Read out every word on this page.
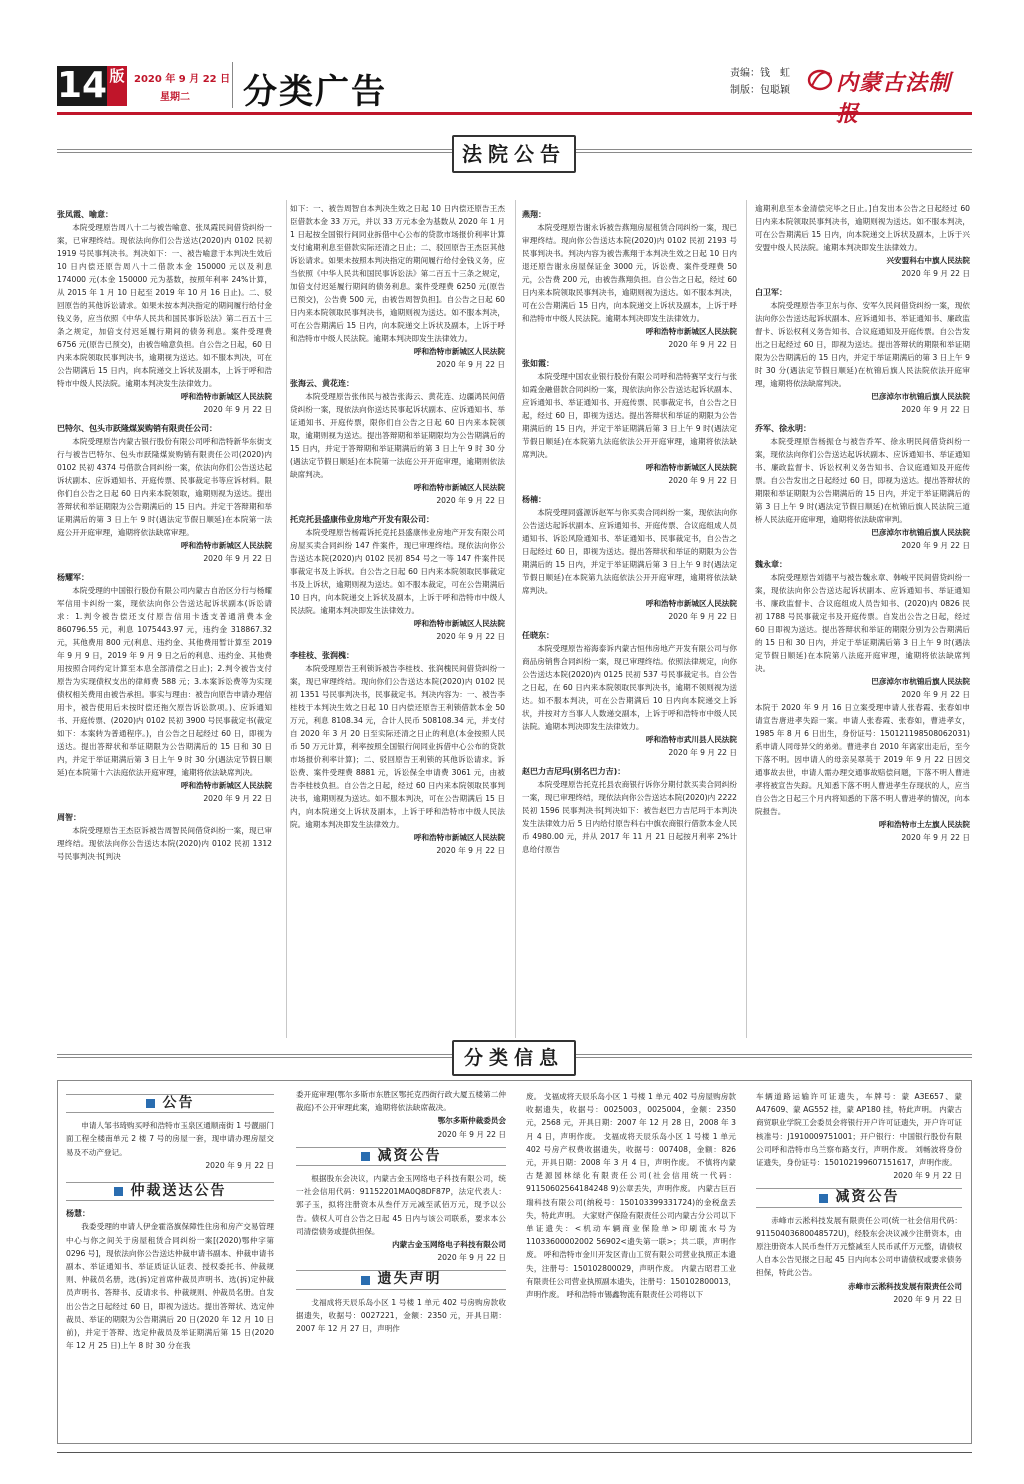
14 版 2020 年 9 月 22 日
星期二 分类广告	责编：钱　虹
制版：包聪颖 内蒙古法制报
法院公告
张凤霞、喻意：

本院受理原告周八十二与被告喻意、张凤霞民间借贷纠纷一案，已审理终结。现依法向你们公告送达(2020)内 0102 民初 1919 号民事判决书。判决如下：一、被告喻意于本判决生效后 10 日内偿还原告周八十二借款本金 150000 元以及利息 174000 元(本金 150000 元为基数，按照年利率 24%计算，从 2015 年 1 月 10 日起至 2019 年 10 月 16 日止)。二、驳回原告的其他诉讼请求。如果未按本判决指定的期间履行给付金钱义务，应当依照《中华人民共和国民事诉讼法》第二百五十三条之规定，加倍支付迟延履行期间的债务利息。案件受理费 6756 元(原告已预交)，由被告喻意负担。自公告之日起，60 日内来本院领取民事判决书，逾期视为送达。如不服本判决，可在公告期满后 15 日内，向本院递交上诉状及副本，上诉于呼和浩特市中级人民法院。逾期本判决发生法律效力。

呼和浩特市新城区人民法院
2020 年 9 月 22 日
巴特尔、包头市跃隆煤炭购销有限责任公司：

本院受理原告内蒙古银行股份有限公司呼和浩特新华东街支行与被告巴特尔、包头市跃隆煤炭购销有限责任公司(2020)内 0102 民初 4374 号借款合同纠纷一案，依法向你们公告送达起诉状副本、应诉通知书、开庭传票、民事裁定书等应诉材料。限你们自公告之日起 60 日内来本院领取，逾期则视为送达。提出答辩状和举证期限为公告期满后的 15 日内。并定于答辩期和举证期满后的第 3 日上午 9 时(遇法定节假日顺延)在本院第一法庭公开开庭审理，逾期将依法缺席审理。

呼和浩特市新城区人民法院
2020 年 9 月 22 日
杨耀军：

本院受理的中国银行股份有限公司内蒙古自治区分行与杨耀军信用卡纠纷一案，现依法向你公告送达起诉状副本(诉讼请求：1.判令被告偿还支付原告信用卡透支普通消费本金 860796.55 元，利息 1075443.97 元，违约金 318867.32 元，其他费用 800 元(利息、违约金、其他费用暂计算至 2019 年 9 月 9 日，2019 年 9 月 9 日之后的利息、违约金、其他费用按照合同约定计算至本息全部清偿之日止)；2.判令被告支付原告为实现债权支出的律师费 588 元；3.本案诉讼费等为实现债权相关费用由被告承担。事实与理由：被告向原告申请办理信用卡，被告使用后未按时偿还拖欠原告诉讼款项。)、应诉通知书、开庭传票、(2020)内 0102 民初 3900 号民事裁定书(裁定如下：本案转为普通程序。)，自公告之日起经过 60 日，即视为送达。提出答辩状和举证期限为公告期满后的 15 日和 30 日内，并定于举证期满后第 3 日上午 9 时 30 分(遇法定节假日顺延)在本院第十六法庭依法开庭审理，逾期将依法缺席判决。

呼和浩特市新城区人民法院
2020 年 9 月 22 日
周智：

本院受理原告王杰臣诉被告周智民间借贷纠纷一案，现已审理终结。现依法向你公告送达本院(2020)内 0102 民初 1312 号民事判决书[判决

如下：一、被告周智自本判决生效之日起 10 日内偿还原告王杰臣借款本金 33 万元，并以 33 万元本金为基数从 2020 年 1 月 1 日起按全国银行间同业拆借中心公布的贷款市场报价利率计算支付逾期利息至借款实际还清之日止；二、驳回原告王杰臣其他诉讼请求。如果未按照本判决指定的期间履行给付金钱义务，应当依照《中华人民共和国民事诉讼法》第二百五十三条之规定，加倍支付迟延履行期间的债务利息。案件受理费 6250 元(原告已预交)，公告费 500 元，由被告周智负担]。自公告之日起 60 日内来本院领取民事判决书，逾期则视为送达。如不服本判决，可在公告期满后 15 日内，向本院递交上诉状及副本，上诉于呼和浩特市中级人民法院。逾期本判决即发生法律效力。

呼和浩特市新城区人民法院
2020 年 9 月 22 日
张海云、黄花连：

本院受理原告张伟民与被告张海云、黄花连、边疆鸿民间借贷纠纷一案，现依法向你送达民事起诉状副本、应诉通知书、举证通知书、开庭传票，限你们自公告之日起 60 日内来本院领取，逾期则视为送达。提出答辩期和举证期限均为公告期满后的 15 日内，并定于答辩期和举证期满后的第 3 日上午 9 时 30 分(遇法定节假日顺延)在本院第一法庭公开开庭审理，逾期则依法缺席判决。

呼和浩特市新城区人民法院
2020 年 9 月 22 日
托克托县盛康伟业房地产开发有限公司：

本院受理原告杨霞诉托克托县盛康伟业房地产开发有限公司房屋买卖合同纠纷 147 件案件，现已审理终结。现依法向你公告送达本院(2020)内 0102 民初 854 号之一等 147 件案件民事裁定书及上诉状。自公告之日起 60 日内来本院领取民事裁定书及上诉状，逾期则视为送达。如不服本裁定，可在公告期满后 10 日内，向本院递交上诉状及副本，上诉于呼和浩特市中级人民法院。逾期本判决即发生法律效力。

呼和浩特市新城区人民法院
2020 年 9 月 22 日
李桂枝、张润槐：

本院受理原告王利锁诉被告李桂枝、张润槐民间借贷纠纷一案，现已审理终结。现向你们公告送达本院(2020)内 0102 民初 1351 号民事判决书，民事裁定书。判决内容为：一、被告李桂枝于本判决生效之日起 10 日内偿还原告王利锁借款本金 50 万元，利息 8108.34 元，合计人民币 508108.34 元，并支付自 2020 年 3 月 20 日至实际还清之日止的利息(本金按照人民币 50 万元计算，利率按照全国银行间同业拆借中心公布的贷款市场报价利率计算)；二、驳回原告王利锁的其他诉讼请求。诉讼费、案件受理费 8881 元，诉讼保全申请费 3061 元，由被告李桂枝负担。自公告之日起，经过 60 日内来本院领取民事判决书，逾期则视为送达。如不服本判决，可在公告期满后 15 日内，向本院递交上诉状及副本，上诉于呼和浩特市中级人民法院。逾期本判决即发生法律效力。

呼和浩特市新城区人民法院
2020 年 9 月 22 日
燕翔：

本院受理原告谢永诉被告燕翔房屋租赁合同纠纷一案，现已审理终结。现向你公告送达本院(2020)内 0102 民初 2193 号民事判决书。判决内容为被告燕翔于本判决生效之日起 10 日内退还原告谢永房屋保证金 3000 元，诉讼费、案件受理费 50 元，公告费 200 元，由被告燕翔负担。自公告之日起，经过 60 日内来本院领取民事判决书，逾期则视为送达。如不服本判决，可在公告期满后 15 日内，向本院递交上诉状及副本，上诉于呼和浩特市中级人民法院。逾期本判决即发生法律效力。

呼和浩特市新城区人民法院
2020 年 9 月 22 日
张如霞：

本院受理中国农业银行股份有限公司呼和浩特赛罕支行与张如霞金融借款合同纠纷一案，现依法向你公告送达起诉状副本、应诉通知书、举证通知书、开庭传票、民事裁定书，自公告之日起，经过 60 日，即视为送达。提出答辩状和举证的期限为公告期满后的 15 日内，并定于举证期满后第 3 日上午 9 时(遇法定节假日顺延)在本院第九法庭依法公开开庭审理，逾期将依法缺席判决。

呼和浩特市新城区人民法院
2020 年 9 月 22 日
杨楠：

本院受理同盛源诉赵军与你买卖合同纠纷一案，现依法向你公告送达起诉状副本、应诉通知书、开庭传票、合议庭组成人员通知书、诉讼风险通知书、举证通知书、民事裁定书，自公告之日起经过 60 日，即视为送达。提出答辩状和举证的期限为公告期满后的 15 日内，并定于举证期满后第 3 日上午 9 时(遇法定节假日顺延)在本院第九法庭依法公开开庭审理，逾期将依法缺席判决。

呼和浩特市新城区人民法院
2020 年 9 月 22 日
任晓东：

本院受理原告裕海泰诉内蒙古恒伟房地产开发有限公司与你商品房销售合同纠纷一案，现已审理终结。依照法律规定，向你公告送达本院(2020)内 0125 民初 537 号民事裁定书。自公告之日起，在 60 日内来本院领取民事判决书，逾期不领则视为送达。如不服本判决，可在公告期满后 10 日内向本院递交上诉状，并按对方当事人人数递交副本，上诉于呼和浩特市中级人民法院。逾期本判决即发生法律效力。

呼和浩特市武川县人民法院
2020 年 9 月 22 日
赵巴力吉尼玛(别名巴力吉)：

本院受理原告托克托县农商银行诉你分期付款买卖合同纠纷一案，现已审理终结，现依法向你公告送达本院(2020)内 2222 民初 1596 民事判决书[判决如下：被告赵巴力吉尼玛于本判决发生法律效力后 5 日内给付原告科右中旗农商银行借款本金人民币 4980.00 元，并从 2017 年 11 月 21 日起按月利率 2%计息给付原告

逾期利息至本金清偿完毕之日止。]自发出本公告之日起经过 60 日内来本院领取民事判决书，逾期则视为送达。如不服本判决，可在公告期满后 15 日内，向本院递交上诉状及副本，上诉于兴安盟中级人民法院。逾期本判决即发生法律效力。

兴安盟科右中旗人民法院
2020 年 9 月 22 日
白卫军：

本院受理原告李卫东与你、安军久民间借贷纠纷一案，现依法向你公告送达起诉状副本、应诉通知书、举证通知书、廉政监督卡、诉讼权利义务告知书、合议庭通知及开庭传票。自公告发出之日起经过 60 日，即视为送达。提出答辩状的期限和举证期限为公告期满后的 15 日内，并定于举证期满后的第 3 日上午 9 时 30 分(遇法定节假日顺延)在杭锦后旗人民法院依法开庭审理，逾期将依法缺席判决。

巴彦淖尔市杭锦后旗人民法院
2020 年 9 月 22 日
乔军、徐永明：

本院受理原告杨振仓与被告乔军、徐永明民间借贷纠纷一案，现依法向你们公告送达起诉状副本、应诉通知书、举证通知书、廉政监督卡、诉讼权利义务告知书、合议庭通知及开庭传票。自公告发出之日起经过 60 日，即视为送达。提出答辩状的期限和举证期限为公告期满后的 15 日内，并定于举证期满后的第 3 日上午 9 时(遇法定节假日顺延)在杭锦后旗人民法院三道桥人民法庭开庭审理，逾期将依法缺席审判。

巴彦淖尔市杭锦后旗人民法院
2020 年 9 月 22 日
魏永章：

本院受理原告刘德平与被告魏永章、韩峻平民间借贷纠纷一案，现依法向你公告送达起诉状副本、应诉通知书、举证通知书、廉政监督卡、合议庭组成人员告知书、(2020)内 0826 民初 1788 号民事裁定书及开庭传票。自发出公告之日起，经过 60 日即视为送达。提出答辩状和举证的期限分别为公告期满后的 15 日和 30 日内，并定于举证期满后第 3 日上午 9 时(遇法定节假日顺延)在本院第八法庭开庭审理，逾期将依法缺席判决。

巴彦淖尔市杭锦后旗人民法院
2020 年 9 月 22 日

本院于 2020 年 9 月 16 日立案受理申请人张春霞、张春如申请宣告唐进孝失踪一案。申请人张春霞、张春如，曹进孝女，1985 年 8 月 6 日出生，身份证号：150121198508062031)系申请人同母异父的弟弟。曹进孝自 2010 年离家出走后，至今下落不明。因申请人的母亲吴翠英于 2019 年 9 月 22 日因交通事故去世，申请人需办理交通事故赔偿问题，下落不明人曹进孝将被宣告失踪。凡知悉下落不明人曹进孝生存现状的人，应当自公告之日起三个月内将知悉的下落不明人曹进孝的情况，向本院报告。

呼和浩特市土左旗人民法院
2020 年 9 月 22 日
分类信息
公告

申请人邹书琦购买呼和浩特市玉泉区通顺南街 1 号靓丽门面工程全楼南单元 2 楼 7 号的房屋一套，现申请办理房屋交易及不动产登记。

2020 年 9 月 22 日
仲裁送达公告
杨慧：

我委受理的申请人伊金霍洛旗保障性住房和房产交易管理中心与你之间关于房屋租赁合同纠纷一案[(2020)鄂仲字第 0296 号]，现依法向你公告送达仲裁申请书副本、仲裁申请书副本、举证通知书、举证质证认证表、授权委托书、仲裁规则、仲裁员名册，选(拆)定首席仲裁员声明书、选(拆)定仲裁员声明书、答辩书、反请求书、仲裁规则、仲裁员名册。自发出公告之日起经过 60 日，即视为送达。提出答辩状、选定仲裁员、举证的期限为公告期满后 20 日(2020 年 12 月 10 日前)，并定于答辩、选定仲裁员及举证期满后第 15 日(2020 年 12 月 25 日)上午 8 时 30 分在我

委开庭审理(鄂尔多斯市东胜区鄂托克西街行政大厦五楼第二仲裁庭)不公开审理此案，逾期将依法缺席裁决。

鄂尔多斯仲裁委员会
2020 年 9 月 22 日
减资公告

根据股东会决议，内蒙古金玉网络电子科技有限公司，统一社会信用代码：91152201MA0Q8DF87P，法定代表人：郭子玉，拟将注册资本从叁仟万元减至贰佰万元，现予以公告。债权人可自公告之日起 45 日内与该公司联系，要求本公司清偿债务或提供担保。

内蒙古金玉网络电子科技有限公司
2020 年 9 月 22 日
遗失声明

戈福成将天辰乐岛小区 1 号楼 1 单元 402 号房购房款收据遗失，收据号：0027221，金额：2350 元，开具日期：2007 年 12 月 27 日，声明作

废。 戈福成将天辰乐岛小区 1 号楼 1 单元 402 号房屋购房款收据遗失，收据号：0025003，0025004，金额：2350 元，2568 元，开具日期：2007 年 12 月 28 日，2008 年 3 月 4 日，声明作废。 戈福成将天辰乐岛小区 1 号楼 1 单元 402 号房产权费收据遗失，收据号：007408，金额：826 元，开具日期：2008 年 3 月 4 日，声明作废。 不慎将内蒙古楚源园林绿化有限责任公司(社会信用统一代码：91150602564184248 9)公章丢失，声明作废。 内蒙古巨百瑞科技有限公司(纳税号：150103399331724)的金税盘丢失，特此声明。 大家财产保险有限责任公司内蒙古分公司以下单证遗失：<机动车辆商业保险单>印刷流水号为 11033600002002 56902<遗失第一联>；共二联，声明作废。 呼和浩特市金川开发区青山工贸有限公司营业执照正本遗失，注册号：150102800029，声明作废。 内蒙古昭君工业有限责任公司营业执照副本遗失，注册号：150102800013，声明作废。 呼和浩特市锡鑫物流有限责任公司将以下

车辆道路运输许可证遗失，车牌号：蒙 A3E657、蒙 A47609、蒙 AG552 挂，蒙 AP180 挂，特此声明。 内蒙古商贸职业学院工会委员会将银行开户许可证遗失，开户许可证核准号：J1910009751001；开户银行：中国银行股份有限公司呼和浩特市乌兰察布路支行，声明作废。 刘畅波将身份证遗失，身份证号：150102199607151617，声明作废。

2020 年 9 月 22 日
减资公告

赤峰市云淞科技发展有限责任公司(统一社会信用代码：91150403680048572U)，经股东会决议减少注册资本，由原注册资本人民币叁仟万元整减至人民币贰仟万元整，请债权人自本公告见报之日起 45 日内向本公司申请债权或要求债务担保，特此公告。

赤峰市云淞科技发展有限责任公司
2020 年 9 月 22 日
